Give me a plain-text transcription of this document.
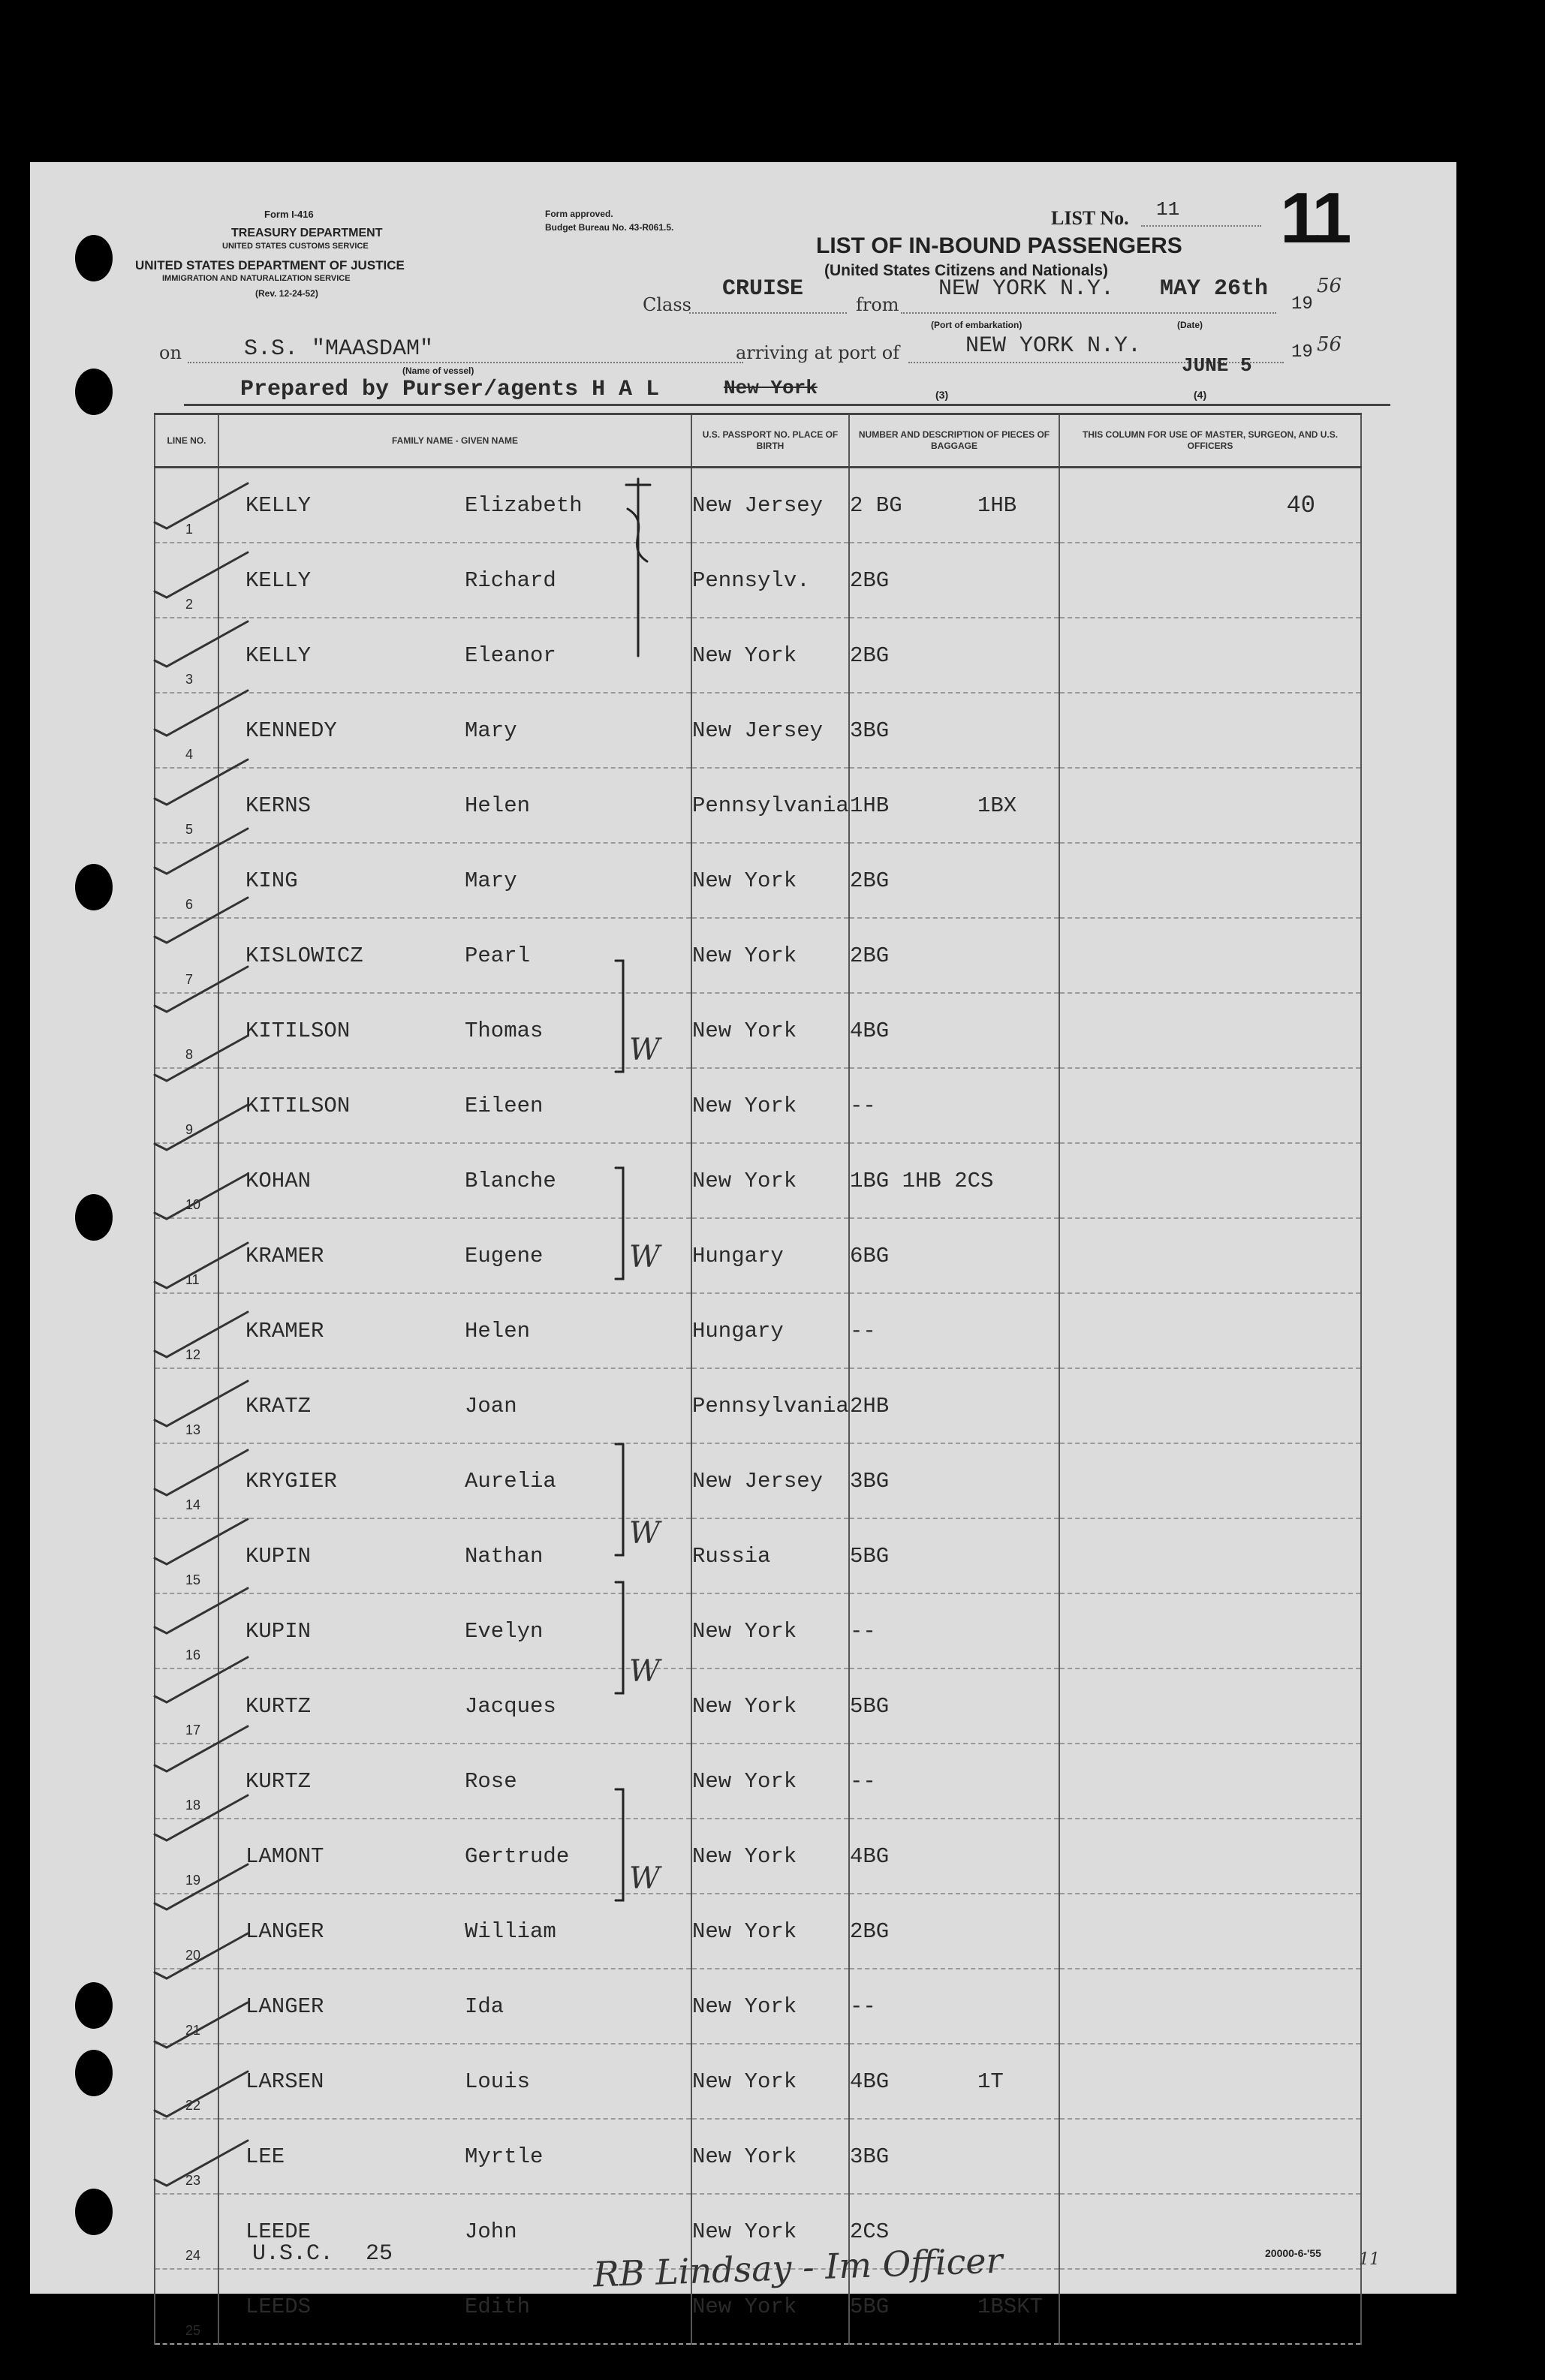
Form I-416
TREASURY DEPARTMENT
UNITED STATES CUSTOMS SERVICE
UNITED STATES DEPARTMENT OF JUSTICE
IMMIGRATION AND NATURALIZATION SERVICE
(Rev. 12-24-52)
Form approved.
Budget Bureau No. 43-R061.5.	LIST No. 11 11
LIST OF IN-BOUND PASSENGERS
(United States Citizens and Nationals)
Class
CRUISE
from
NEW YORK N.Y. MAY 26th
19
56
(Port of embarkation)	(Date)
on	S.S. "MAASDAM"
(Name of vessel)
arriving at port of	NEW YORK N.Y.
JUNE 5
19 56
Prepared by Purser/agents H A L	New York	(3)	(4)
LINE NO.	FAMILY NAME - GIVEN NAME	U.S. PASSPORT NO. PLACE OF BIRTH	NUMBER AND DESCRIPTION OF PIECES OF BAGGAGE	THIS COLUMN FOR USE OF MASTER, SURGEON, AND U.S. OFFICERS
1	KELLY Elizabeth	New Jersey	2 BG 1HB	40
2	KELLY Richard	Pennsylv.	2BG	
3	KELLY Eleanor	New York	2BG	
4	KENNEDY Mary	New Jersey	3BG	
5	KERNS Helen	Pennsylvania	1HB 1BX	
6	KING Mary	New York	2BG	
7	KISLOWICZ Pearl	New York	2BG	
8	KITILSON Thomas	New York	4BG	
9	KITILSON Eileen	New York	--	
10	KOHAN Blanche	New York	1BG 1HB 2CS	
11	KRAMER Eugene	Hungary	6BG	
12	KRAMER Helen	Hungary	--	
13	KRATZ Joan	Pennsylvania	2HB	
14	KRYGIER Aurelia	New Jersey	3BG	
15	KUPIN Nathan	Russia	5BG	
16	KUPIN Evelyn	New York	--	
17	KURTZ Jacques	New York	5BG	
18	KURTZ Rose	New York	--	
19	LAMONT Gertrude	New York	4BG	
20	LANGER William	New York	2BG	
21	LANGER Ida	New York	--	
22	LARSEN Louis	New York	4BG 1T	
23	LEE Myrtle	New York	3BG	
24	LEEDE John	New York	2CS	
25	LEEDS Edith	New York	5BG 1BSKT	
W
W
W
W
W
U.S.C. 25	RB Lindsay - Im Officer	20000-6-'55 11
